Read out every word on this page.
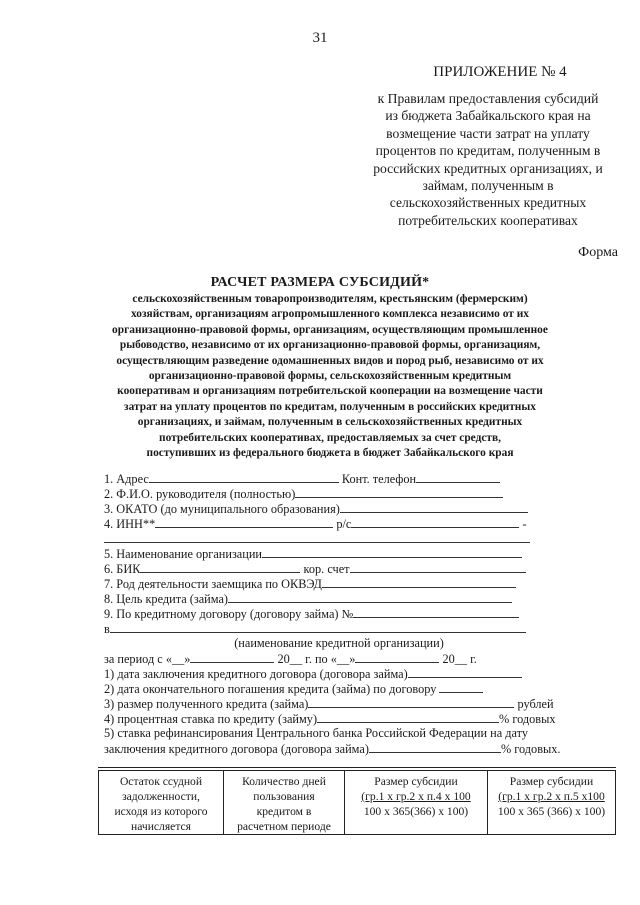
31
ПРИЛОЖЕНИЕ № 4
к Правилам предоставления субсидий
из бюджета Забайкальского края на
возмещение части затрат на уплату
процентов по кредитам, полученным в
российских кредитных организациях, и
займам, полученным в
сельскохозяйственных кредитных
потребительских кооперативах
Форма
РАСЧЕТ РАЗМЕРА СУБСИДИЙ*
сельскохозяйственным товаропроизводителям, крестьянским (фермерским)
хозяйствам, организациям агропромышленного комплекса независимо от их
организационно-правовой формы, организациям, осуществляющим промышленное
рыбоводство, независимо от их организационно-правовой формы, организациям,
осуществляющим разведение одомашненных видов и пород рыб, независимо от их
организационно-правовой формы, сельскохозяйственным кредитным
кооперативам и организациям потребительской кооперации на возмещение части
затрат на уплату процентов по кредитам, полученным в российских кредитных
организациях, и займам, полученным в сельскохозяйственных кредитных
потребительских кооперативах, предоставляемых за счет средств,
поступивших из федерального бюджета в бюджет Забайкальского края
1. Адрес	Конт. телефон
2. Ф.И.О. руководителя (полностью)
3. ОКАТО (до муниципального образования)
4. ИНН**	р/с	-
5. Наименование организации
6. БИК	кор. счет
7. Род деятельности заемщика по ОКВЭД
8. Цель кредита (займа)
9. По кредитному договору (договору займа) №
в
(наименование кредитной организации)
за период с «__»	20__ г. по «__»	20__ г.
1) дата заключения кредитного договора (договора займа)
2) дата окончательного погашения кредита (займа) по договору
3) размер полученного кредита (займа)	рублей
4) процентная ставка по кредиту (займу)	% годовых
5) ставка рефинансирования Центрального банка Российской Федерации на дату
заключения кредитного договора (договора займа)	% годовых.
Остаток ссудной
задолженности,
исходя из которого
начисляется

Количество дней
пользования
кредитом в
расчетном периоде

Размер субсидии
(гр.1 х гр.2 х п.4 х 100
100 х 365(366) х 100)

Размер субсидии
(гр.1 х гр.2 х п.5 х100
100 х 365 (366) х 100)
